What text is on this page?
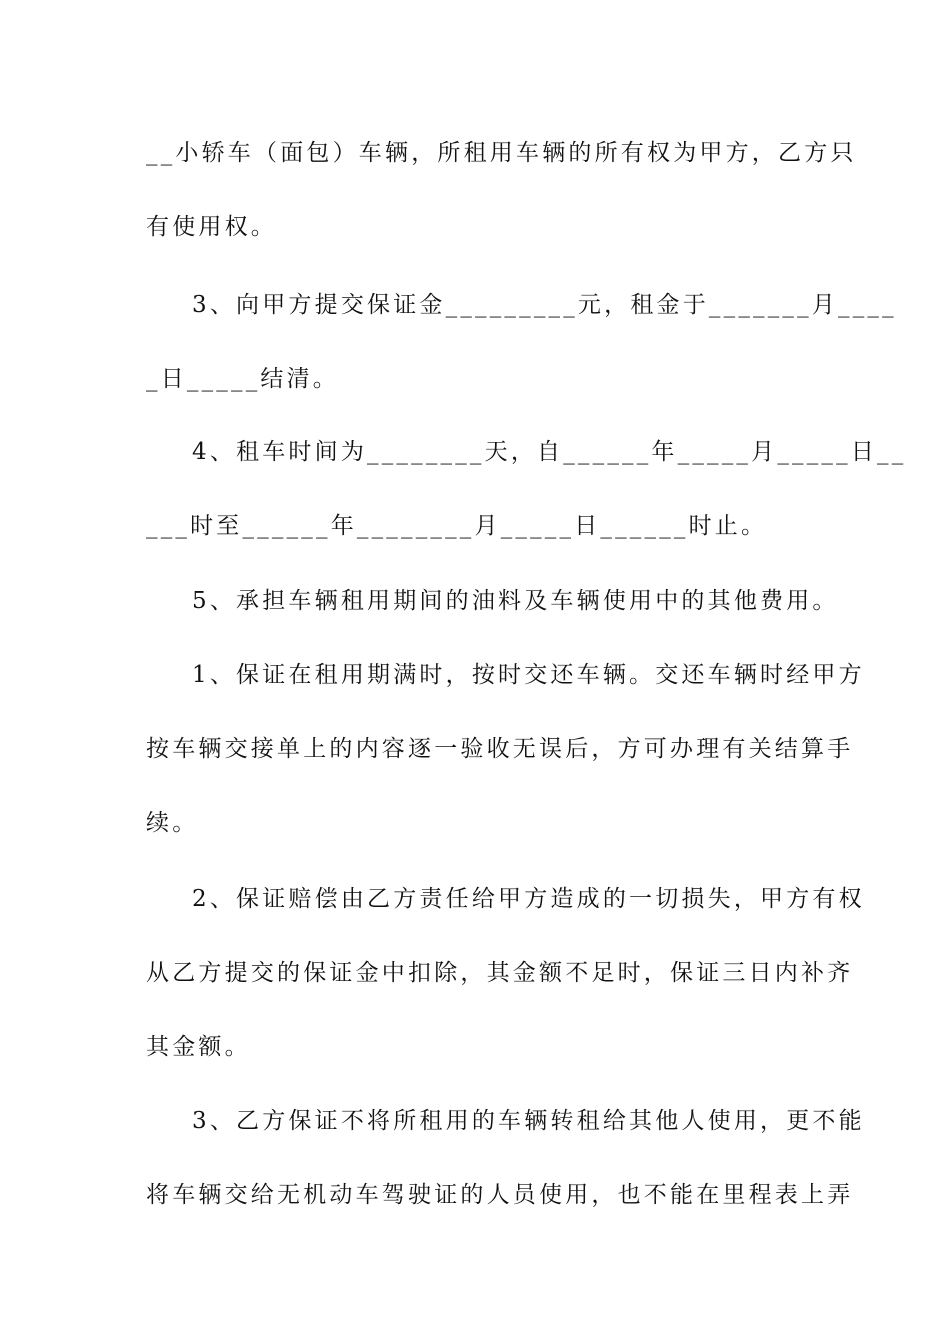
__小轿车（面包）车辆，所租用车辆的所有权为甲方，乙方只
有使用权。
3、向甲方提交保证金_________元，租金于_______月____
_日_____结清。
4、租车时间为________天，自______年_____月_____日__
___时至______年________月_____日______时止。
5、承担车辆租用期间的油料及车辆使用中的其他费用。
1、保证在租用期满时，按时交还车辆。交还车辆时经甲方
按车辆交接单上的内容逐一验收无误后，方可办理有关结算手
续。
2、保证赔偿由乙方责任给甲方造成的一切损失，甲方有权
从乙方提交的保证金中扣除，其金额不足时，保证三日内补齐
其金额。
3、乙方保证不将所租用的车辆转租给其他人使用，更不能
将车辆交给无机动车驾驶证的人员使用，也不能在里程表上弄
